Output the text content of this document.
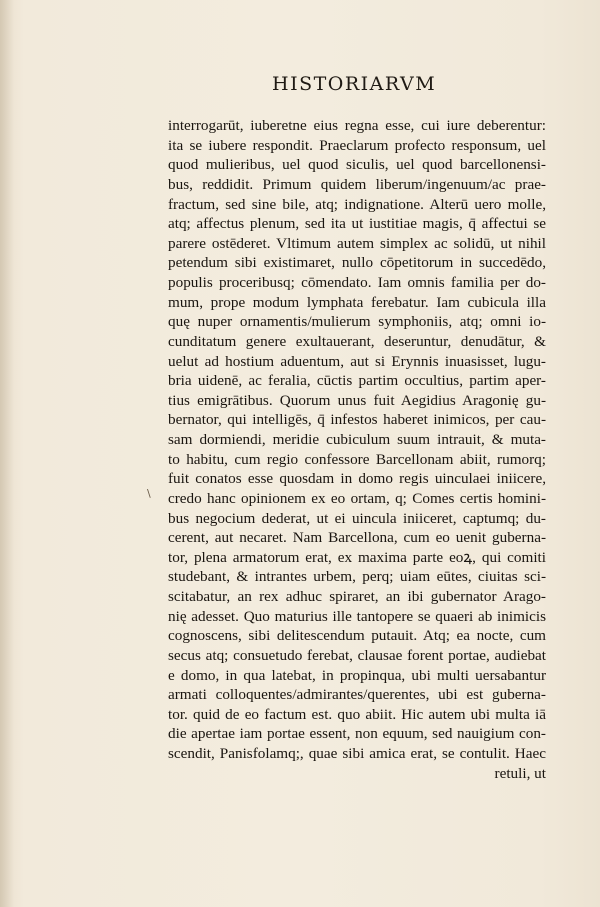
HISTORIARVM
\
interrogarūt, iuberetne eius regna esse, cui iure deberentur:
ita se iubere respondit. Praeclarum profecto responsum, uel
quod mulieribus, uel quod siculis, uel quod barcellonensi-
bus, reddidit. Primum quidem liberum/ingenuum/ac prae-
fractum, sed sine bile, atq; indignatione. Alterū uero molle,
atq; affectus plenum, sed ita ut iustitiae magis, q̄ affectui se
parere ostēderet. Vltimum autem simplex ac solidū, ut nihil
petendum sibi existimaret, nullo cōpetitorum in succedēdo,
populis proceribusq; cōmendato. Iam omnis familia per do-
mum, prope modum lymphata ferebatur. Iam cubicula illa
quę nuper ornamentis/mulierum symphoniis, atq; omni io-
cunditatum genere exultauerant, deseruntur, denudātur, &
uelut ad hostium aduentum, aut si Erynnis inuasisset, lugu-
bria uidenē, ac feralia, cūctis partim occultius, partim aper-
tius emigrātibus. Quorum unus fuit Aegidius Aragonię gu-
bernator, qui intelligēs, q̄ infestos haberet inimicos, per cau-
sam dormiendi, meridie cubiculum suum intrauit, & muta-
to habitu, cum regio confessore Barcellonam abiit, rumorq;
fuit conatos esse quosdam in domo regis uinculaei iniicere,
credo hanc opinionem ex eo ortam, q; Comes certis homini-
bus negocium dederat, ut ei uincula iniiceret, captumq; du-
cerent, aut necaret. Nam Barcellona, cum eo uenit guberna-
tor, plena armatorum erat, ex maxima parte eoꝝ, qui comiti
studebant, & intrantes urbem, perq; uiam eūtes, ciuitas sci-
scitabatur, an rex adhuc spiraret, an ibi gubernator Arago-
nię adesset. Quo maturius ille tantopere se quaeri ab inimicis
cognoscens, sibi delitescendum putauit. Atq; ea nocte, cum
secus atq; consuetudo ferebat, clausae forent portae, audiebat
e domo, in qua latebat, in propinqua, ubi multi uersabantur
armati colloquentes/admirantes/querentes, ubi est guberna-
tor. quid de eo factum est. quo abiit. Hic autem ubi multa iā
die apertae iam portae essent, non equum, sed nauigium con-
scendit, Panisfolamq;, quae sibi amica erat, se contulit. Haec
retuli, ut
